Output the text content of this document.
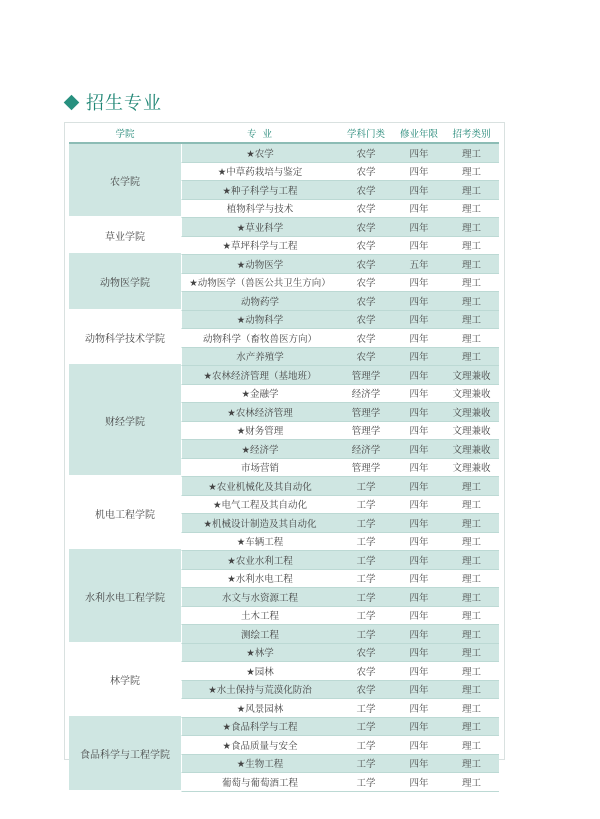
招生专业
学院	专  业	学科门类	修业年限	招考类别
农学院	★农学	农学	四年	理工
	★中草药栽培与鉴定	农学	四年	理工
	★种子科学与工程	农学	四年	理工
	植物科学与技术	农学	四年	理工
草业学院	★草业科学	农学	四年	理工
	★草坪科学与工程	农学	四年	理工
动物医学院	★动物医学	农学	五年	理工
	★动物医学（兽医公共卫生方向）	农学	四年	理工
	动物药学	农学	四年	理工
动物科学技术学院	★动物科学	农学	四年	理工
	动物科学（畜牧兽医方向）	农学	四年	理工
	水产养殖学	农学	四年	理工
财经学院	★农林经济管理（基地班）	管理学	四年	文理兼收
	★金融学	经济学	四年	文理兼收
	★农林经济管理	管理学	四年	文理兼收
	★财务管理	管理学	四年	文理兼收
	★经济学	经济学	四年	文理兼收
	市场营销	管理学	四年	文理兼收
机电工程学院	★农业机械化及其自动化	工学	四年	理工
	★电气工程及其自动化	工学	四年	理工
	★机械设计制造及其自动化	工学	四年	理工
	★车辆工程	工学	四年	理工
水利水电工程学院	★农业水利工程	工学	四年	理工
	★水利水电工程	工学	四年	理工
	水文与水资源工程	工学	四年	理工
	土木工程	工学	四年	理工
	测绘工程	工学	四年	理工
林学院	★林学	农学	四年	理工
	★园林	农学	四年	理工
	★水土保持与荒漠化防治	农学	四年	理工
	★风景园林	工学	四年	理工
食品科学与工程学院	★食品科学与工程	工学	四年	理工
	★食品质量与安全	工学	四年	理工
	★生物工程	工学	四年	理工
	葡萄与葡萄酒工程	工学	四年	理工
